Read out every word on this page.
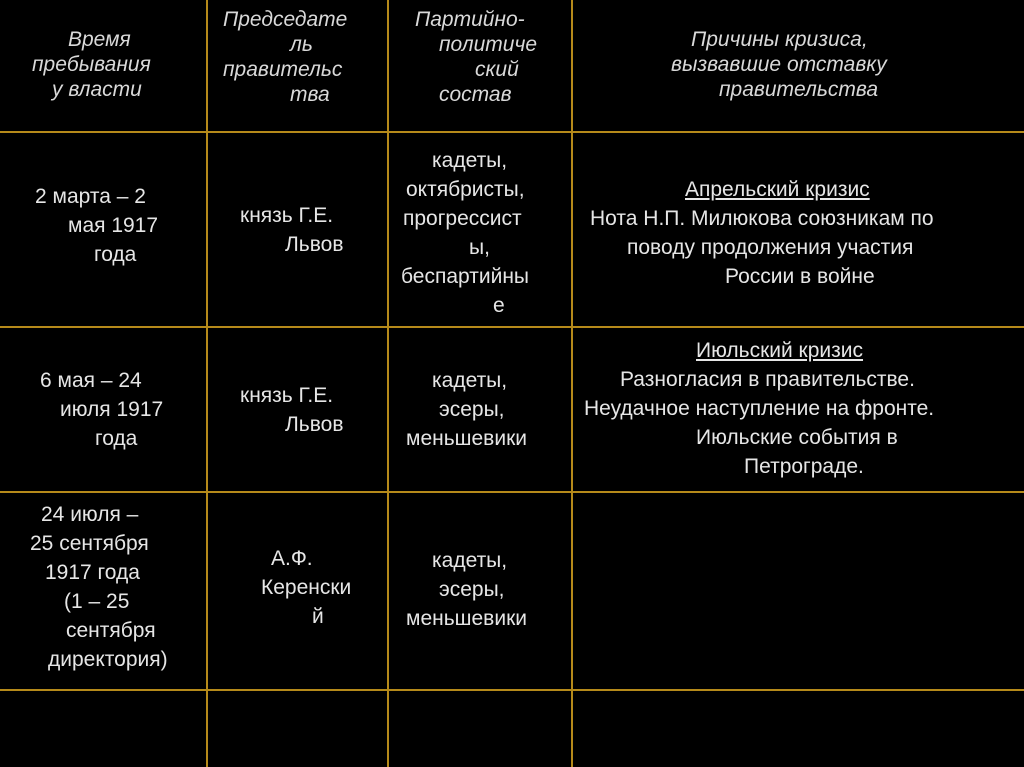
Время
пребывания
у власти
Председате
ль
правительс
тва
Партийно-
политиче
ский
состав
Причины кризиса,
вызвавшие отставку
правительства
2 марта – 2
мая 1917
года
князь Г.Е.
Львов
кадеты,
октябристы,
прогрессист
ы,
беспартийны
е
Апрельский кризис
Нота Н.П. Милюкова союзникам по
поводу продолжения участия
России в войне
6 мая – 24
июля 1917
года
князь Г.Е.
Львов
кадеты,
эсеры,
меньшевики
Июльский кризис
Разногласия в правительстве.
Неудачное наступление на фронте.
Июльские события в
Петрограде.
24 июля –
25 сентября
1917 года
(1 – 25
сентября
директория)
А.Ф.
Керенски
й
кадеты,
эсеры,
меньшевики
